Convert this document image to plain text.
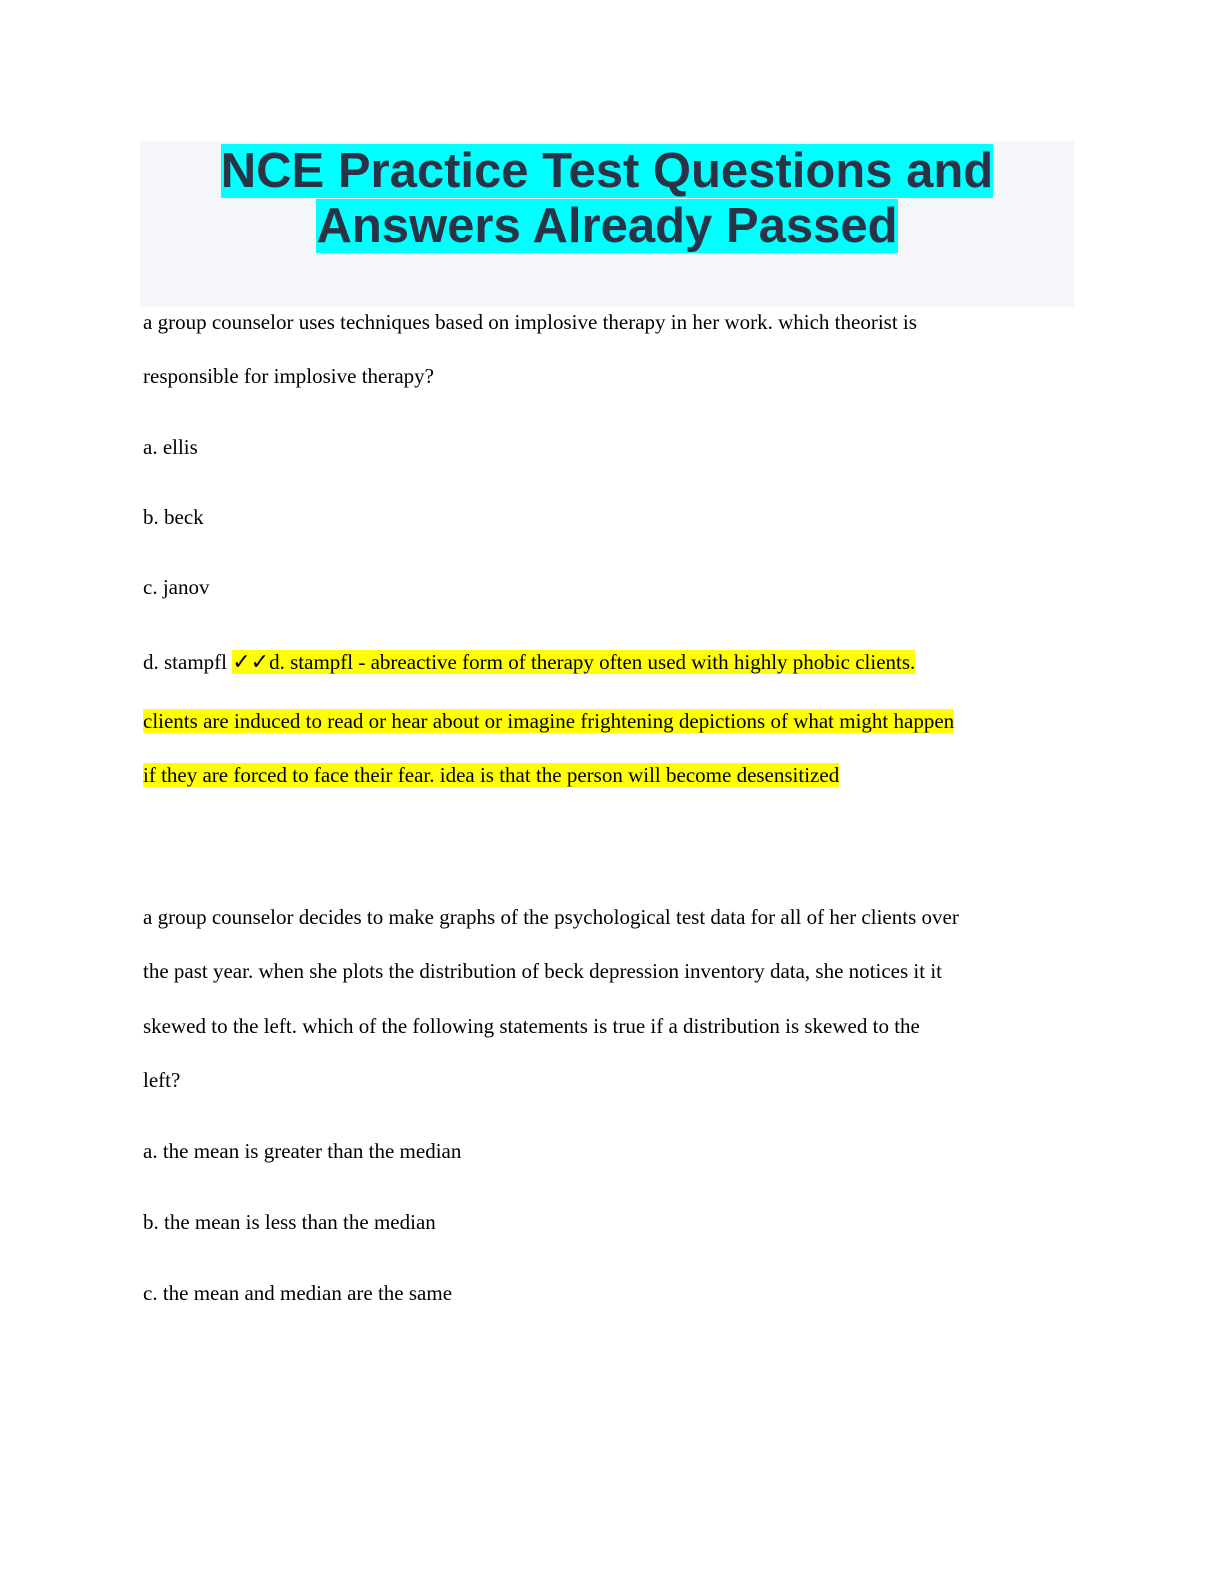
NCE Practice Test Questions and
Answers Already Passed
a group counselor uses techniques based on implosive therapy in her work. which theorist is
responsible for implosive therapy?
a. ellis
b. beck
c. janov
d. stampfl ✓✓d. stampfl - abreactive form of therapy often used with highly phobic clients.
clients are induced to read or hear about or imagine frightening depictions of what might happen
if they are forced to face their fear. idea is that the person will become desensitized
a group counselor decides to make graphs of the psychological test data for all of her clients over
the past year. when she plots the distribution of beck depression inventory data, she notices it it
skewed to the left. which of the following statements is true if a distribution is skewed to the
left?
a. the mean is greater than the median
b. the mean is less than the median
c. the mean and median are the same
